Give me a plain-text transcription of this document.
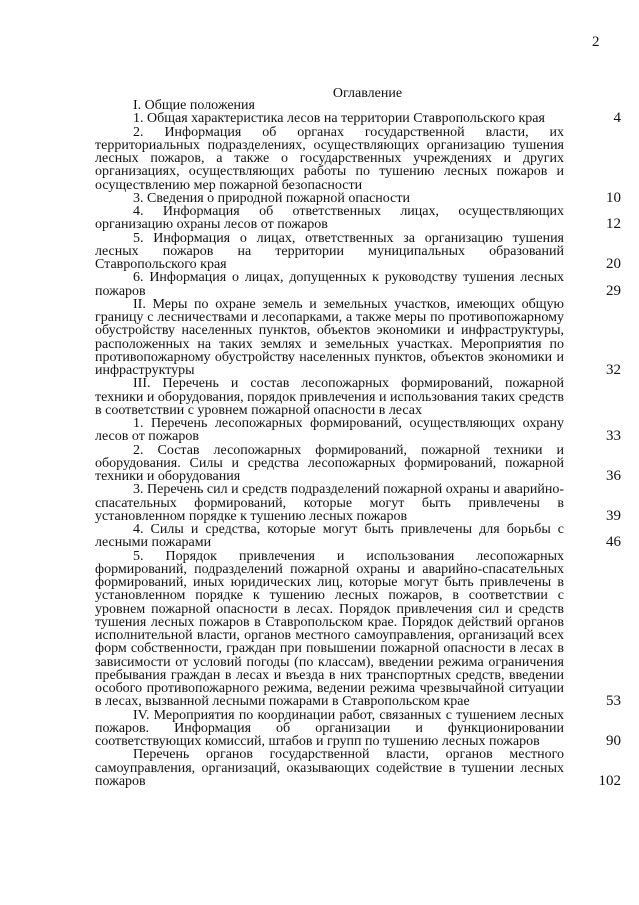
2
Оглавление
I. Общие положения
1. Общая характеристика лесов на территории Ставропольского края	4
2. Информация об органах государственной власти, их территориальных подразделениях, осуществляющих организацию тушения лесных пожаров, а также о государственных учреждениях и других организациях, осуществляющих работы по тушению лесных пожаров и осуществлению мер пожарной безопасности
3. Сведения о природной пожарной опасности	10
4. Информация об ответственных лицах, осуществляющих организацию охраны лесов от пожаров	12
5. Информация о лицах, ответственных за организацию тушения лесных пожаров на территории муниципальных образований Ставропольского края	20
6. Информация о лицах, допущенных к руководству тушения лесных пожаров	29
II. Меры по охране земель и земельных участков, имеющих общую границу с лесничествами и лесопарками, а также меры по противопожарному обустройству населенных пунктов, объектов экономики и инфраструктуры, расположенных на таких землях и земельных участках. Мероприятия по противопожарному обустройству населенных пунктов, объектов экономики и инфраструктуры	32
III. Перечень и состав лесопожарных формирований, пожарной техники и оборудования, порядок привлечения и использования таких средств в соответствии с уровнем пожарной опасности в лесах
1. Перечень лесопожарных формирований, осуществляющих охрану лесов от пожаров	33
2. Состав лесопожарных формирований, пожарной техники и оборудования. Силы и средства лесопожарных формирований, пожарной техники и оборудования	36
3. Перечень сил и средств подразделений пожарной охраны и аварийно-спасательных формирований, которые могут быть привлечены в установленном порядке к тушению лесных пожаров	39
4. Силы и средства, которые могут быть привлечены для борьбы с лесными пожарами	46
5. Порядок привлечения и использования лесопожарных формирований, подразделений пожарной охраны и аварийно-спасательных формирований, иных юридических лиц, которые могут быть привлечены в установленном порядке к тушению лесных пожаров, в соответствии с уровнем пожарной опасности в лесах. Порядок привлечения сил и средств тушения лесных пожаров в Ставропольском крае. Порядок действий органов исполнительной власти, органов местного самоуправления, организаций всех форм собственности, граждан при повышении пожарной опасности в лесах в зависимости от условий погоды (по классам), введении режима ограничения пребывания граждан в лесах и въезда в них транспортных средств, введении особого противопожарного режима, ведении режима чрезвычайной ситуации в лесах, вызванной лесными пожарами в Ставропольском крае	53
IV. Мероприятия по координации работ, связанных с тушением лесных пожаров. Информация об организации и функционировании соответствующих комиссий, штабов и групп по тушению лесных пожаров	90
Перечень органов государственной власти, органов местного самоуправления, организаций, оказывающих содействие в тушении лесных пожаров	102
